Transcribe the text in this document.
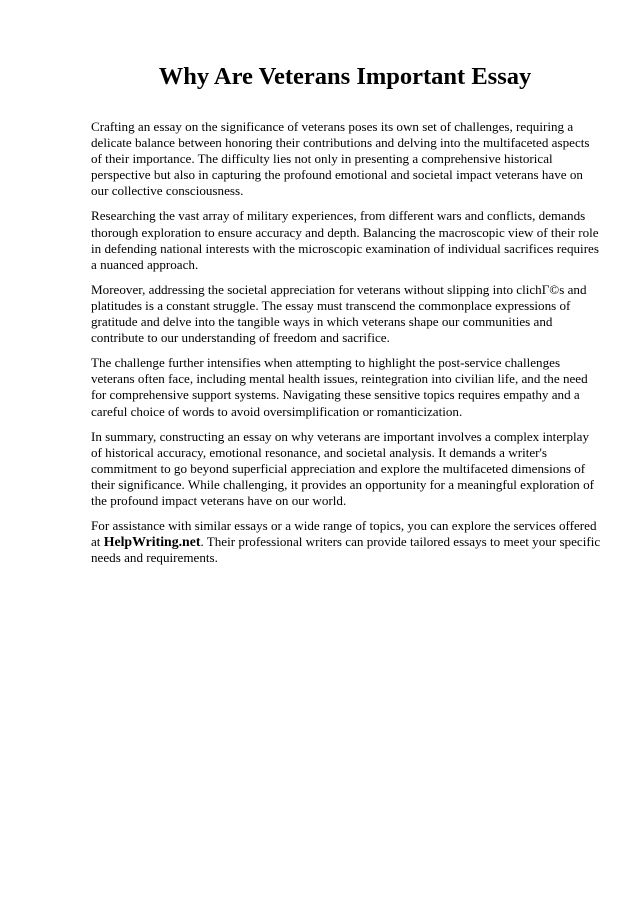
Why Are Veterans Important Essay

Crafting an essay on the significance of veterans poses its own set of challenges, requiring a
delicate balance between honoring their contributions and delving into the multifaceted aspects
of their importance. The difficulty lies not only in presenting a comprehensive historical
perspective but also in capturing the profound emotional and societal impact veterans have on
our collective consciousness.

Researching the vast array of military experiences, from different wars and conflicts, demands
thorough exploration to ensure accuracy and depth. Balancing the macroscopic view of their role
in defending national interests with the microscopic examination of individual sacrifices requires
a nuanced approach.

Moreover, addressing the societal appreciation for veterans without slipping into clichΓ©s and
platitudes is a constant struggle. The essay must transcend the commonplace expressions of
gratitude and delve into the tangible ways in which veterans shape our communities and
contribute to our understanding of freedom and sacrifice.

The challenge further intensifies when attempting to highlight the post-service challenges
veterans often face, including mental health issues, reintegration into civilian life, and the need
for comprehensive support systems. Navigating these sensitive topics requires empathy and a
careful choice of words to avoid oversimplification or romanticization.

In summary, constructing an essay on why veterans are important involves a complex interplay
of historical accuracy, emotional resonance, and societal analysis. It demands a writer's
commitment to go beyond superficial appreciation and explore the multifaceted dimensions of
their significance. While challenging, it provides an opportunity for a meaningful exploration of
the profound impact veterans have on our world.

For assistance with similar essays or a wide range of topics, you can explore the services offered
at HelpWriting.net. Their professional writers can provide tailored essays to meet your specific
needs and requirements.
